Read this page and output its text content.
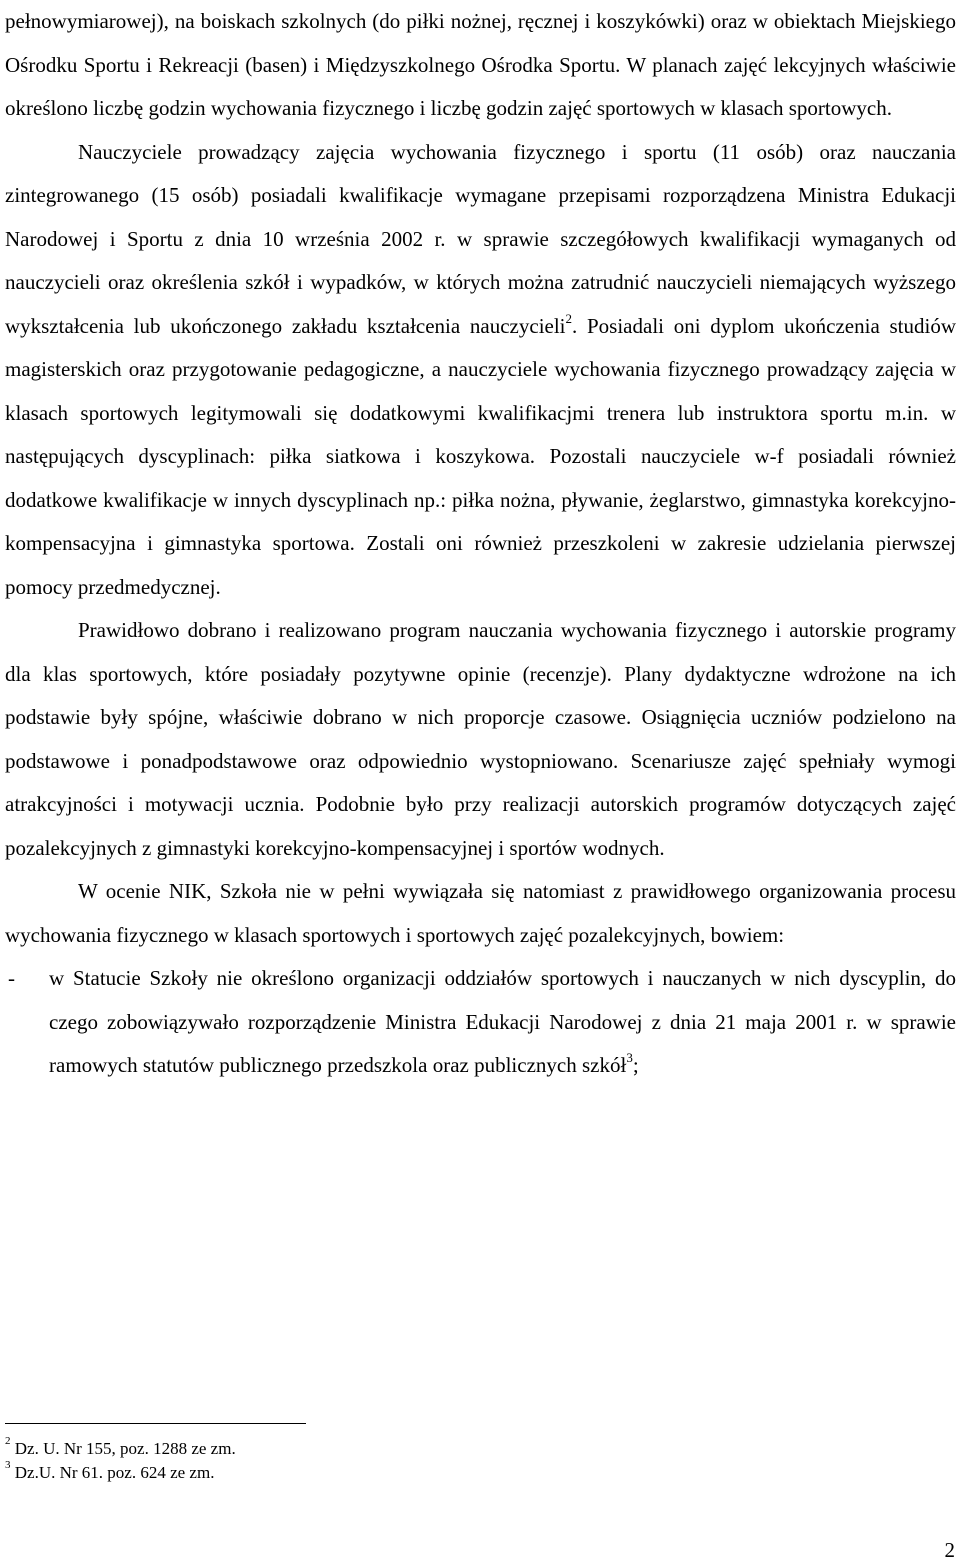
pełnowymiarowej), na boiskach szkolnych (do piłki nożnej, ręcznej i koszykówki) oraz w obiektach Miejskiego Ośrodku Sportu i Rekreacji (basen) i Międzyszkolnego Ośrodka Sportu. W planach zajęć lekcyjnych właściwie określono liczbę godzin wychowania fizycznego i liczbę godzin zajęć sportowych w klasach sportowych.

Nauczyciele prowadzący zajęcia wychowania fizycznego i sportu (11 osób) oraz nauczania zintegrowanego (15 osób) posiadali kwalifikacje wymagane przepisami rozporządzena Ministra Edukacji Narodowej i Sportu z dnia 10 września 2002 r. w sprawie szczegółowych kwalifikacji wymaganych od nauczycieli oraz określenia szkół i wypadków, w których można zatrudnić nauczycieli niemających wyższego wykształcenia lub ukończonego zakładu kształcenia nauczycieli$^2$. Posiadali oni dyplom ukończenia studiów magisterskich oraz przygotowanie pedagogiczne, a nauczyciele wychowania fizycznego prowadzący zajęcia w klasach sportowych legitymowali się dodatkowymi kwalifikacjmi trenera lub instruktora sportu m.in. w następujących dyscyplinach: piłka siatkowa i koszykowa. Pozostali nauczyciele w-f posiadali również dodatkowe kwalifikacje w innych dyscyplinach np.: piłka nożna, pływanie, żeglarstwo, gimnastyka korekcyjno-kompensacyjna i gimnastyka sportowa. Zostali oni również przeszkoleni w zakresie udzielania pierwszej pomocy przedmedycznej.

Prawidłowo dobrano i realizowano program nauczania wychowania fizycznego i autorskie programy dla klas sportowych, które posiadały pozytywne opinie (recenzje). Plany dydaktyczne wdrożone na ich podstawie były spójne, właściwie dobrano w nich proporcje czasowe. Osiągnięcia uczniów podzielono na podstawowe i ponadpodstawowe oraz odpowiednio wystopniowano. Scenariusze zajęć spełniały wymogi atrakcyjności i motywacji ucznia. Podobnie było przy realizacji autorskich programów dotyczących zajęć pozalekcyjnych z gimnastyki korekcyjno-kompensacyjnej i sportów wodnych.

W ocenie NIK, Szkoła nie w pełni wywiązała się natomiast z prawidłowego organizowania procesu wychowania fizycznego w klasach sportowych i sportowych zajęć pozalekcyjnych, bowiem:

-	w Statucie Szkoły nie określono organizacji oddziałów sportowych i nauczanych w nich dyscyplin, do czego zobowiązywało rozporządzenie Ministra Edukacji Narodowej z dnia 21 maja 2001 r. w sprawie ramowych statutów publicznego przedszkola oraz publicznych szkół$^3$;
$^2$ Dz. U. Nr 155, poz. 1288 ze zm.
$^3$ Dz.U. Nr 61. poz. 624 ze zm.
2
